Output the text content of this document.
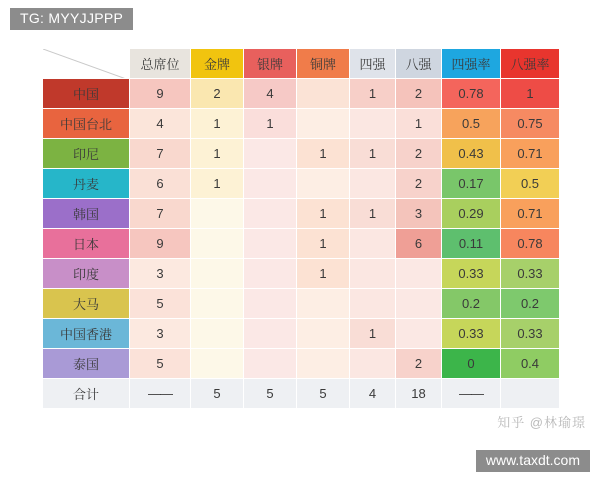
TG: MYYJJPPP
	总席位	金牌	银牌	铜牌	四强	八强	四强率	八强率
中国	9	2	4		1	2	0.78	1
中国台北	4	1	1			1	0.5	0.75
印尼	7	1		1	1	2	0.43	0.71
丹麦	6	1				2	0.17	0.5
韩国	7			1	1	3	0.29	0.71
日本	9			1		6	0.11	0.78
印度	3			1			0.33	0.33
大马	5						0.2	0.2
中国香港	3				1		0.33	0.33
泰国	5					2	0	0.4
合计	——	5	5	5	4	18	——	
知乎 @林瑜璟
www.taxdt.com
